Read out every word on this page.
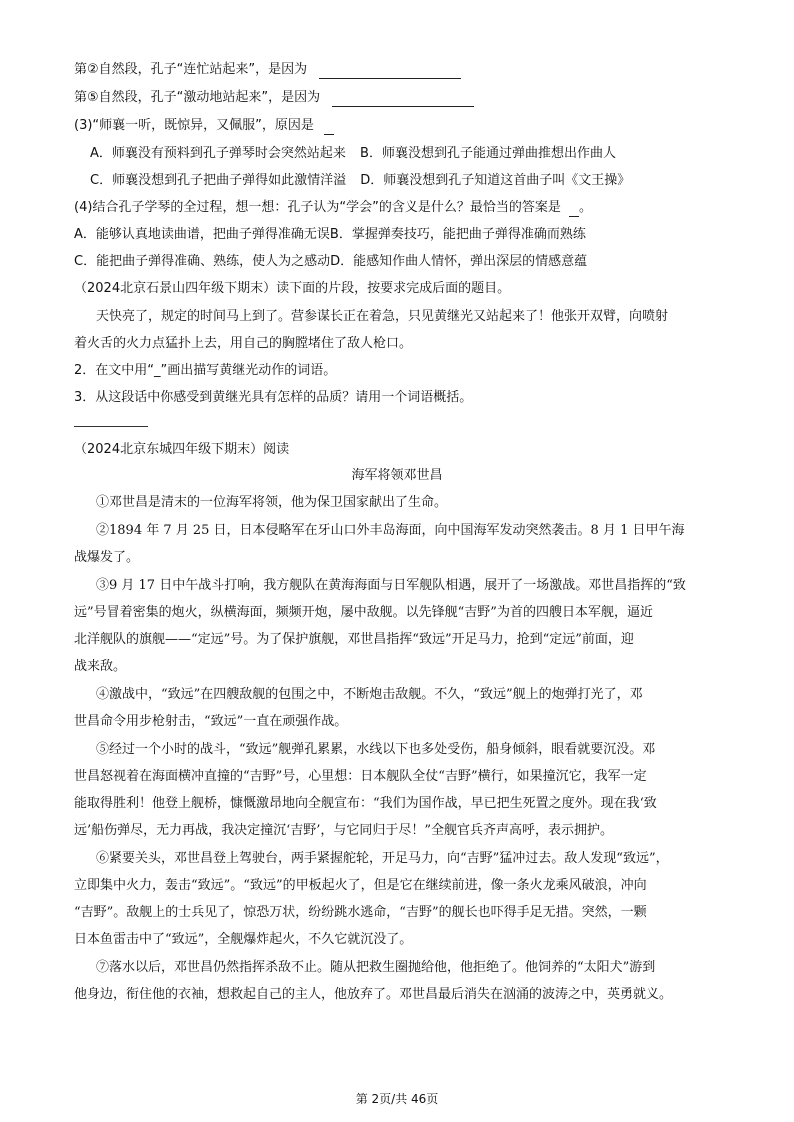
第②自然段，孔子“连忙站起来”，是因为
第⑤自然段，孔子“激动地站起来”，是因为
(3)“师襄一听，既惊异，又佩服”，原因是
A．师襄没有预料到孔子弹琴时会突然站起来 B．师襄没想到孔子能通过弹曲推想出作曲人
C．师襄没想到孔子把曲子弹得如此激情洋溢 D．师襄没想到孔子知道这首曲子叫《文王操》
(4)结合孔子学琴的全过程，想一想：孔子认为“学会”的含义是什么？最恰当的答案是 。
A．能够认真地读曲谱，把曲子弹得准确无误B．掌握弹奏技巧，能把曲子弹得准确而熟练
C．能把曲子弹得准确、熟练，使人为之感动D．能感知作曲人情怀，弹出深层的情感意蕴
（2024北京石景山四年级下期末）读下面的片段，按要求完成后面的题目。
天快亮了，规定的时间马上到了。营参谋长正在着急，只见黄继光又站起来了！他张开双臂，向喷射
着火舌的火力点猛扑上去，用自己的胸膛堵住了敌人枪口。
2．在文中用“_”画出描写黄继光动作的词语。
3．从这段话中你感受到黄继光具有怎样的品质？请用一个词语概括。
（2024北京东城四年级下期末）阅读
海军将领邓世昌
①邓世昌是清末的一位海军将领，他为保卫国家献出了生命。
②1894 年 7 月 25 日，日本侵略军在牙山口外丰岛海面，向中国海军发动突然袭击。8 月 1 日甲午海
战爆发了。
③9 月 17 日中午战斗打响，我方舰队在黄海海面与日军舰队相遇，展开了一场激战。邓世昌指挥的“致
远”号冒着密集的炮火，纵横海面，频频开炮，屡中敌舰。以先锋舰“吉野”为首的四艘日本军舰，逼近
北洋舰队的旗舰——“定远”号。为了保护旗舰，邓世昌指挥“致远”开足马力，抢到“定远”前面，迎
战来敌。
④激战中，“致远”在四艘敌舰的包围之中，不断炮击敌舰。不久，“致远”舰上的炮弹打光了，邓
世昌命令用步枪射击，“致远”一直在顽强作战。
⑤经过一个小时的战斗，“致远”舰弹孔累累，水线以下也多处受伤，船身倾斜，眼看就要沉没。邓
世昌怒视着在海面横冲直撞的“吉野”号，心里想：日本舰队全仗“吉野”横行，如果撞沉它，我军一定
能取得胜利！他登上舰桥，慷慨激昂地向全舰宣布：“我们为国作战，早已把生死置之度外。现在我‘致
远’船伤弹尽，无力再战，我决定撞沉‘吉野’，与它同归于尽！”全舰官兵齐声高呼，表示拥护。
⑥紧要关头，邓世昌登上驾驶台，两手紧握舵轮，开足马力，向“吉野”猛冲过去。敌人发现“致远”，
立即集中火力，轰击“致远”。“致远”的甲板起火了，但是它在继续前进，像一条火龙乘风破浪，冲向
“吉野”。敌舰上的士兵见了，惊恐万状，纷纷跳水逃命，“吉野”的舰长也吓得手足无措。突然，一颗
日本鱼雷击中了“致远”，全舰爆炸起火，不久它就沉没了。
⑦落水以后，邓世昌仍然指挥杀敌不止。随从把救生圈抛给他，他拒绝了。他饲养的“太阳犬”游到
他身边，衔住他的衣袖，想救起自己的主人，他放弃了。邓世昌最后消失在汹涌的波涛之中，英勇就义。
第 2页/共 46页
